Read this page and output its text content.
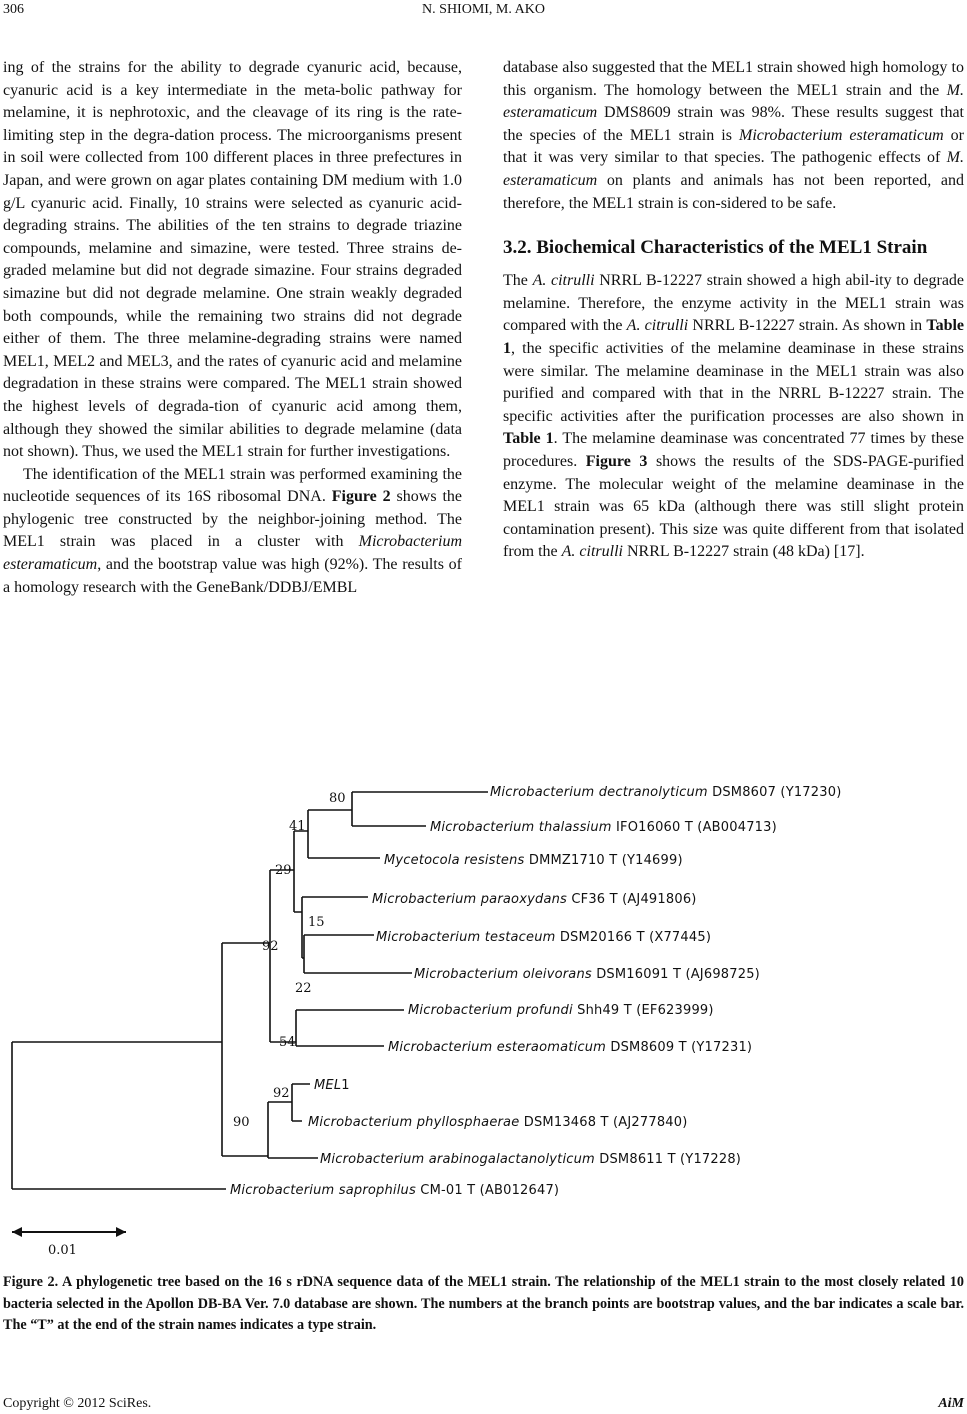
306	N. SHIOMI, M. AKO

ing of the strains for the ability to degrade cyanuric acid, because, cyanuric acid is a key intermediate in the meta-bolic pathway for melamine, it is nephrotoxic, and the cleavage of its ring is the rate-limiting step in the degra-dation process. The microorganisms present in soil were collected from 100 different places in three prefectures in Japan, and were grown on agar plates containing DM medium with 1.0 g/L cyanuric acid. Finally, 10 strains were selected as cyanuric acid-degrading strains. The abilities of the ten strains to degrade triazine compounds, melamine and simazine, were tested. Three strains de-graded melamine but did not degrade simazine. Four strains degraded simazine but did not degrade melamine. One strain weakly degraded both compounds, while the remaining two strains did not degrade either of them. The three melamine-degrading strains were named MEL1, MEL2 and MEL3, and the rates of cyanuric acid and melamine degradation in these strains were compared. The MEL1 strain showed the highest levels of degrada-tion of cyanuric acid among them, although they showed the similar abilities to degrade melamine (data not shown). Thus, we used the MEL1 strain for further investigations.

The identification of the MEL1 strain was performed examining the nucleotide sequences of its 16S ribosomal DNA. Figure 2 shows the phylogenic tree constructed by the neighbor-joining method. The MEL1 strain was placed in a cluster with Microbacterium esteramaticum, and the bootstrap value was high (92%). The results of a homology research with the GeneBank/DDBJ/EMBL

database also suggested that the MEL1 strain showed high homology to this organism. The homology between the MEL1 strain and the M. esteramaticum DMS8609 strain was 98%. These results suggest that the species of the MEL1 strain is Microbacterium esteramaticum or that it was very similar to that species. The pathogenic effects of M. esteramaticum on plants and animals has not been reported, and therefore, the MEL1 strain is con-sidered to be safe.

3.2. Biochemical Characteristics of the MEL1 Strain

The A. citrulli NRRL B-12227 strain showed a high abil-ity to degrade melamine. Therefore, the enzyme activity in the MEL1 strain was compared with the A. citrulli NRRL B-12227 strain. As shown in Table 1, the specific activities of the melamine deaminase in these strains were similar. The melamine deaminase in the MEL1 strain was also purified and compared with that in the NRRL B-12227 strain. The specific activities after the purification processes are also shown in Table 1. The melamine deaminase was concentrated 77 times by these procedures. Figure 3 shows the results of the SDS-PAGE-purified enzyme. The molecular weight of the melamine deaminase in the MEL1 strain was 65 kDa (although there was still slight protein contamination present). This size was quite different from that isolated from the A. citrulli NRRL B-12227 strain (48 kDa) [17].

Microbacterium dectranolyticum DSM8607 (Y17230)
Microbacterium thalassium IFO16060 T (AB004713)
Mycetocola resistens DMMZ1710 T (Y14699)
Microbacterium paraoxydans CF36 T (AJ491806)
Microbacterium testaceum DSM20166 T (X77445)
Microbacterium oleivorans DSM16091 T (AJ698725)
Microbacterium profundi Shh49 T (EF623999)
Microbacterium esteraomaticum DSM8609 T (Y17231)
MEL1
Microbacterium phyllosphaerae DSM13468 T (AJ277840)
Microbacterium arabinogalactanolyticum DSM8611 T (Y17228)
Microbacterium saprophilus CM-01 T (AB012647)
80
41
29
15
92
22
54
92
90
0.01
Figure 2. A phylogenetic tree based on the 16 s rDNA sequence data of the MEL1 strain. The relationship of the MEL1 strain to the most closely related 10 bacteria selected in the Apollon DB-BA Ver. 7.0 database are shown. The numbers at the branch points are bootstrap values, and the bar indicates a scale bar. The “T” at the end of the strain names indicates a type strain.
Copyright © 2012 SciRes.	AiM
